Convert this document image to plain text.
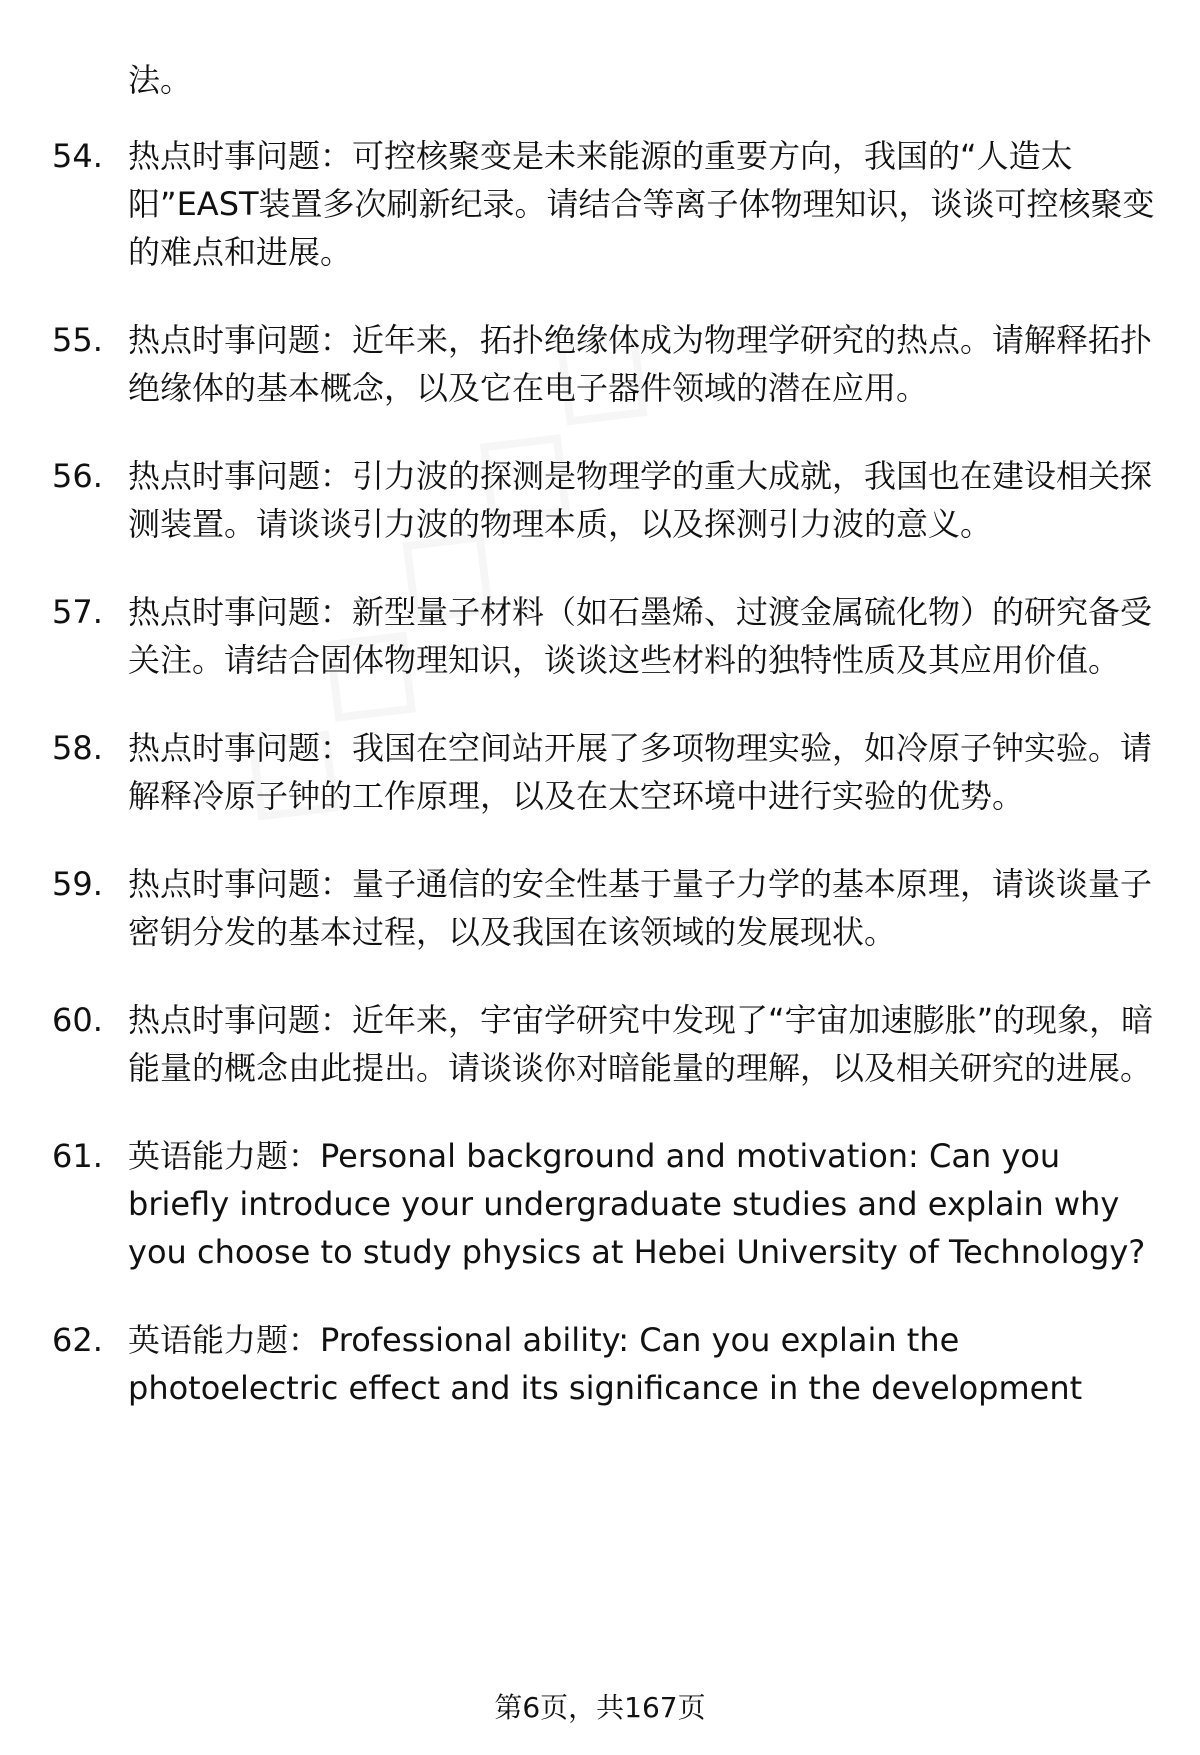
法。
54. 热点时事问题：可控核聚变是未来能源的重要方向，我国的“人造太阳”EAST装置多次刷新纪录。请结合等离子体物理知识，谈谈可控核聚变的难点和进展。
55. 热点时事问题：近年来，拓扑绝缘体成为物理学研究的热点。请解释拓扑绝缘体的基本概念，以及它在电子器件领域的潜在应用。
56. 热点时事问题：引力波的探测是物理学的重大成就，我国也在建设相关探测装置。请谈谈引力波的物理本质，以及探测引力波的意义。
57. 热点时事问题：新型量子材料（如石墨烯、过渡金属硫化物）的研究备受关注。请结合固体物理知识，谈谈这些材料的独特性质及其应用价值。
58. 热点时事问题：我国在空间站开展了多项物理实验，如冷原子钟实验。请解释冷原子钟的工作原理，以及在太空环境中进行实验的优势。
59. 热点时事问题：量子通信的安全性基于量子力学的基本原理，请谈谈量子密钥分发的基本过程，以及我国在该领域的发展现状。
60. 热点时事问题：近年来，宇宙学研究中发现了“宇宙加速膨胀”的现象，暗能量的概念由此提出。请谈谈你对暗能量的理解，以及相关研究的进展。
61. 英语能力题：Personal background and motivation: Can you briefly introduce your undergraduate studies and explain why you choose to study physics at Hebei University of Technology?
62. 英语能力题：Professional ability: Can you explain the photoelectric effect and its significance in the development
第6页，共167页
